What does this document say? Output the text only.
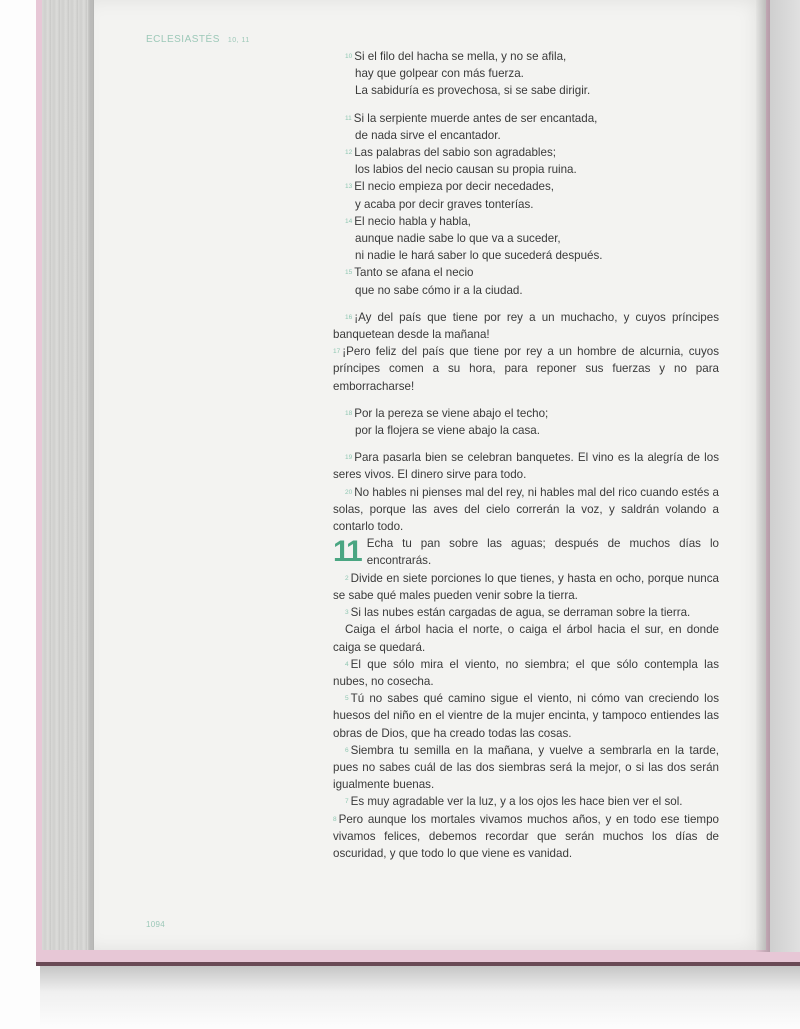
ECLESIASTÉS 10, 11
10 Si el filo del hacha se mella, y no se afila,
hay que golpear con más fuerza.
La sabiduría es provechosa, si se sabe dirigir.
11 Si la serpiente muerde antes de ser encantada,
de nada sirve el encantador.
12 Las palabras del sabio son agradables;
los labios del necio causan su propia ruina.
13 El necio empieza por decir necedades,
y acaba por decir graves tonterías.
14 El necio habla y habla,
aunque nadie sabe lo que va a suceder,
ni nadie le hará saber lo que sucederá después.
15 Tanto se afana el necio
que no sabe cómo ir a la ciudad.

16 ¡Ay del país que tiene por rey a un muchacho, y cuyos príncipes banquetean desde la mañana!

17 ¡Pero feliz del país que tiene por rey a un hombre de alcurnia, cuyos príncipes comen a su hora, para reponer sus fuerzas y no para emborracharse!

18 Por la pereza se viene abajo el techo;
por la flojera se viene abajo la casa.

19 Para pasarla bien se celebran banquetes. El vino es la alegría de los seres vivos. El dinero sirve para todo.

20 No hables ni pienses mal del rey, ni hables mal del rico cuando estés a solas, porque las aves del cielo correrán la voz, y saldrán volando a contarlo todo.

11 Echa tu pan sobre las aguas; después de muchos días lo encontrarás.

2 Divide en siete porciones lo que tienes, y hasta en ocho, porque nunca se sabe qué males pueden venir sobre la tierra.

3 Si las nubes están cargadas de agua, se derraman sobre la tierra.

Caiga el árbol hacia el norte, o caiga el árbol hacia el sur, en donde caiga se quedará.

4 El que sólo mira el viento, no siembra; el que sólo contempla las nubes, no cosecha.

5 Tú no sabes qué camino sigue el viento, ni cómo van creciendo los huesos del niño en el vientre de la mujer encinta, y tampoco entiendes las obras de Dios, que ha creado todas las cosas.

6 Siembra tu semilla en la mañana, y vuelve a sembrarla en la tarde, pues no sabes cuál de las dos siembras será la mejor, o si las dos serán igualmente buenas.

7 Es muy agradable ver la luz, y a los ojos les hace bien ver el sol.

8 Pero aunque los mortales vivamos muchos años, y en todo ese tiempo vivamos felices, debemos recordar que serán muchos los días de oscuridad, y que todo lo que viene es vanidad.

1094
